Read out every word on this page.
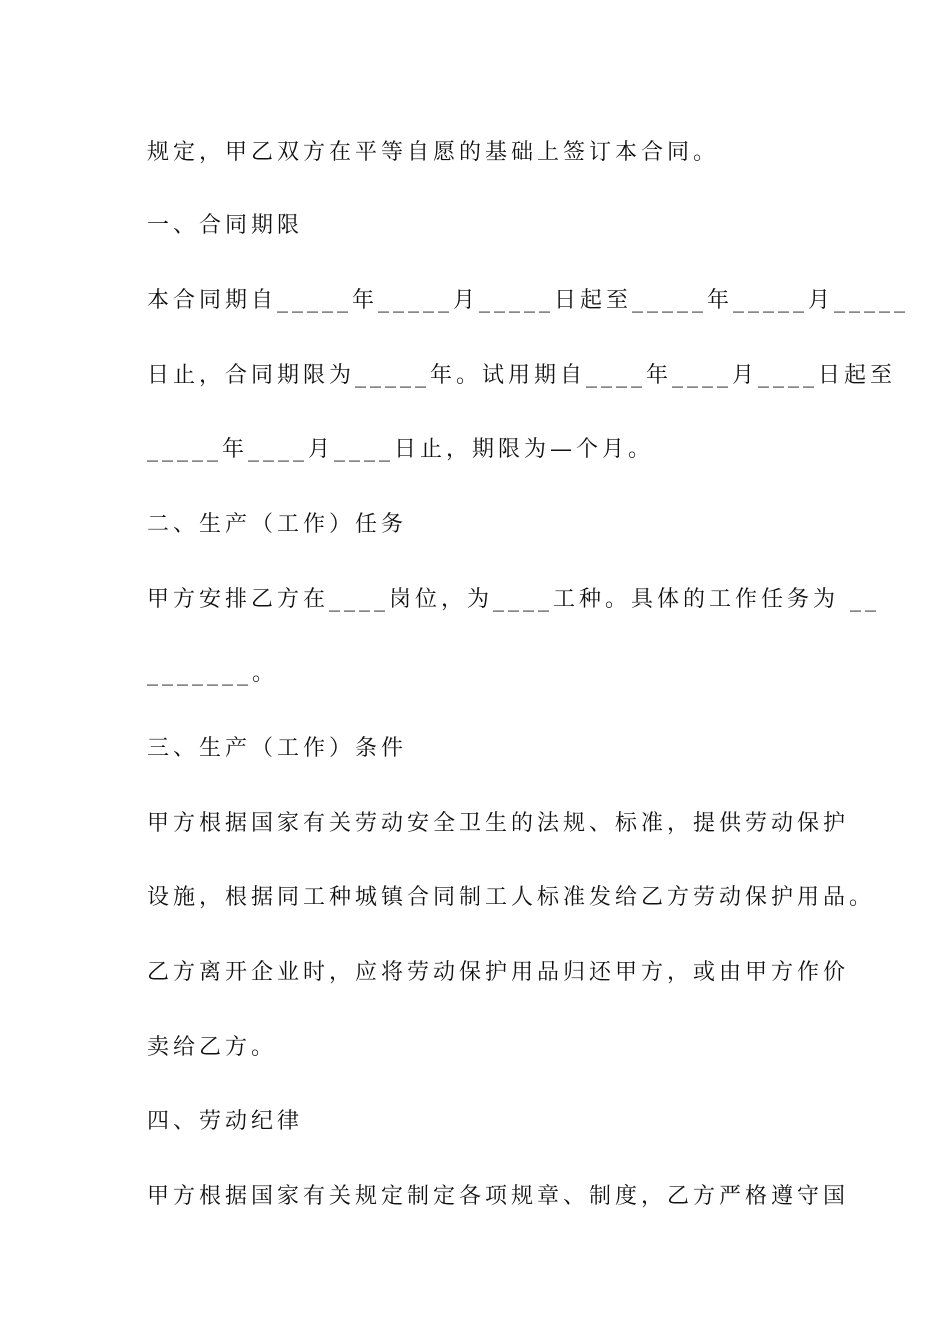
规定，甲乙双方在平等自愿的基础上签订本合同。
一、合同期限
本合同期自_____年_____月_____日起至_____年_____月_____
日止，合同期限为_____年。试用期自____年____月____日起至
_____年____月____日止，期限为—个月。
二、生产（工作）任务
甲方安排乙方在____岗位，为____工种。具体的工作任务为 __
_______。
三、生产（工作）条件
甲方根据国家有关劳动安全卫生的法规、标准，提供劳动保护
设施，根据同工种城镇合同制工人标准发给乙方劳动保护用品。
乙方离开企业时，应将劳动保护用品归还甲方，或由甲方作价
卖给乙方。
四、劳动纪律
甲方根据国家有关规定制定各项规章、制度，乙方严格遵守国
